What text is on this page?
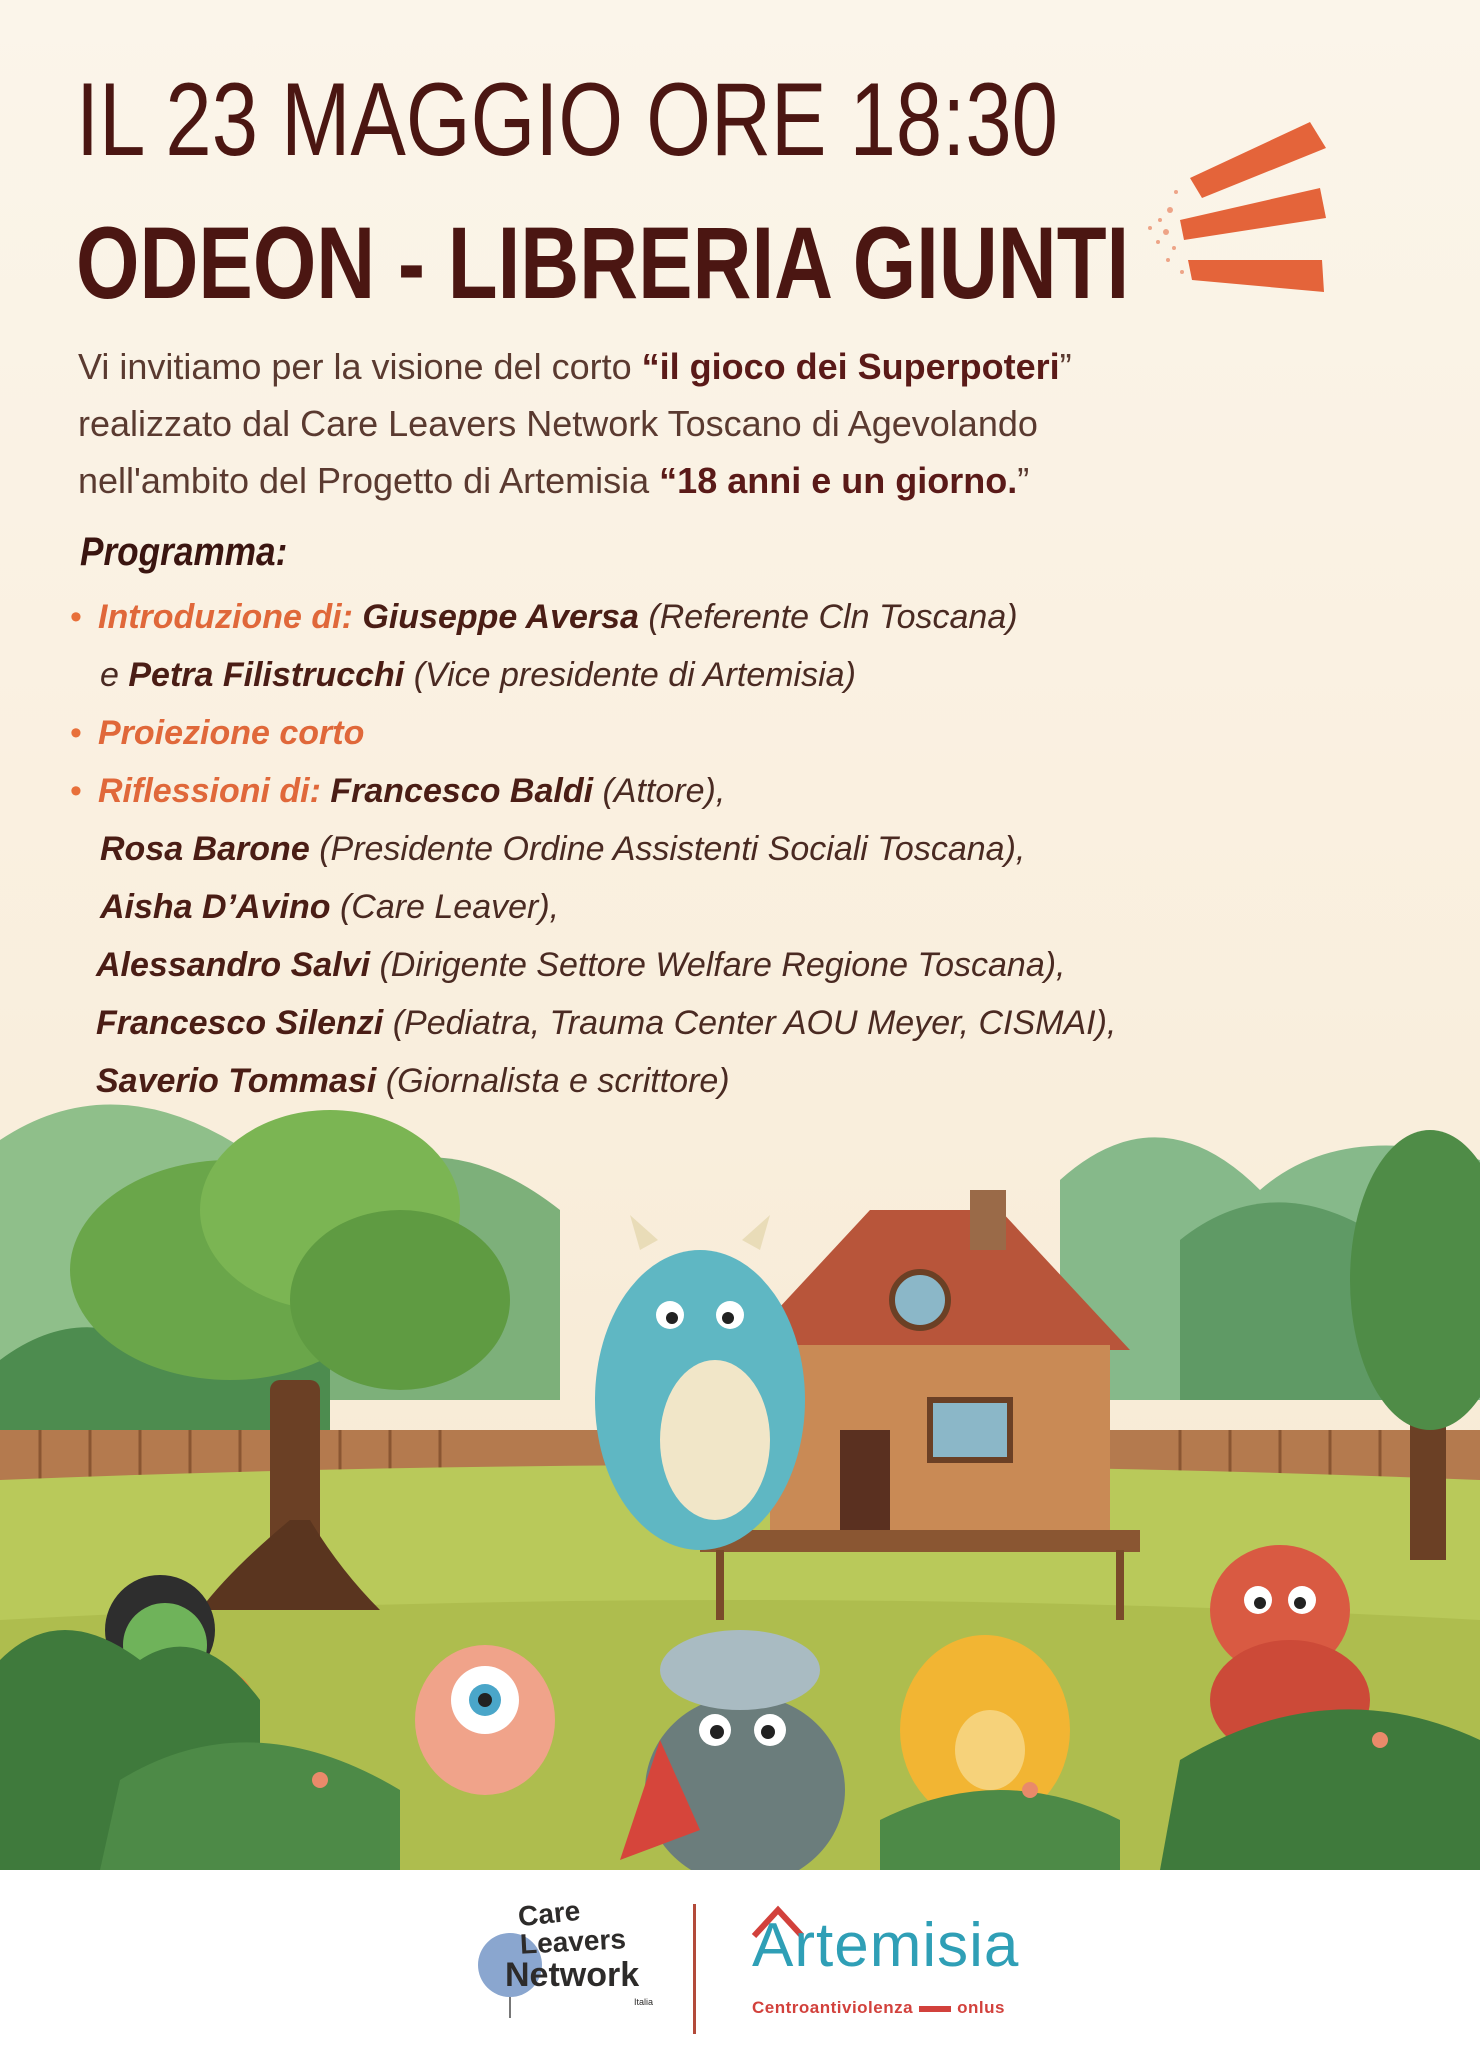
IL 23 MAGGIO ORE 18:30
ODEON - LIBRERIA GIUNTI

Vi invitiamo per la visione del corto “il gioco dei Superpoteri”

realizzato dal Care Leavers Network Toscano di Agevolando

nell'ambito del Progetto di Artemisia “18 anni e un giorno.”

Programma:
• Introduzione di: Giuseppe Aversa (Referente Cln Toscana)
e Petra Filistrucchi (Vice presidente di Artemisia)
• Proiezione corto
• Riflessioni di: Francesco Baldi (Attore),
Rosa Barone (Presidente Ordine Assistenti Sociali Toscana),
Aisha D’Avino (Care Leaver),
Alessandro Salvi (Dirigente Settore Welfare Regione Toscana),
Francesco Silenzi (Pediatra, Trauma Center AOU Meyer, CISMAI),
Saverio Tommasi (Giornalista e scrittore)
Care
Leavers
Network
Italia
Artemisia
Centroantiviolenza	onlus
